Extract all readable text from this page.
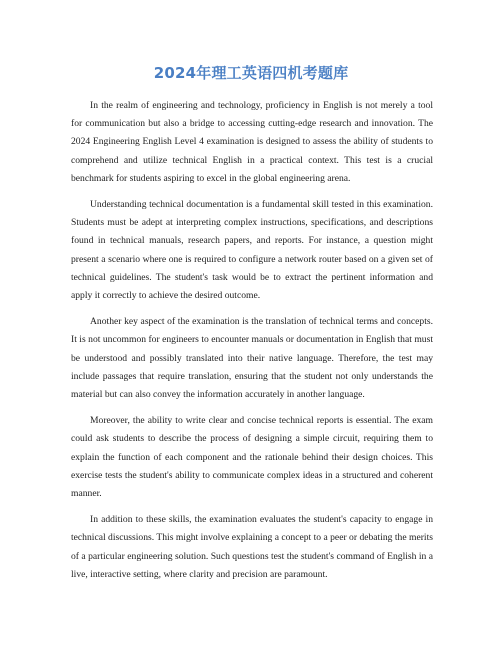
2024年理工英语四机考题库

In the realm of engineering and technology, proficiency in English is not merely a tool for communication but also a bridge to accessing cutting-edge research and innovation. The 2024 Engineering English Level 4 examination is designed to assess the ability of students to comprehend and utilize technical English in a practical context. This test is a crucial benchmark for students aspiring to excel in the global engineering arena.

Understanding technical documentation is a fundamental skill tested in this examination. Students must be adept at interpreting complex instructions, specifications, and descriptions found in technical manuals, research papers, and reports. For instance, a question might present a scenario where one is required to configure a network router based on a given set of technical guidelines. The student's task would be to extract the pertinent information and apply it correctly to achieve the desired outcome.

Another key aspect of the examination is the translation of technical terms and concepts. It is not uncommon for engineers to encounter manuals or documentation in English that must be understood and possibly translated into their native language. Therefore, the test may include passages that require translation, ensuring that the student not only understands the material but can also convey the information accurately in another language.

Moreover, the ability to write clear and concise technical reports is essential. The exam could ask students to describe the process of designing a simple circuit, requiring them to explain the function of each component and the rationale behind their design choices. This exercise tests the student's ability to communicate complex ideas in a structured and coherent manner.

In addition to these skills, the examination evaluates the student's capacity to engage in technical discussions. This might involve explaining a concept to a peer or debating the merits of a particular engineering solution. Such questions test the student's command of English in a live, interactive setting, where clarity and precision are paramount.
